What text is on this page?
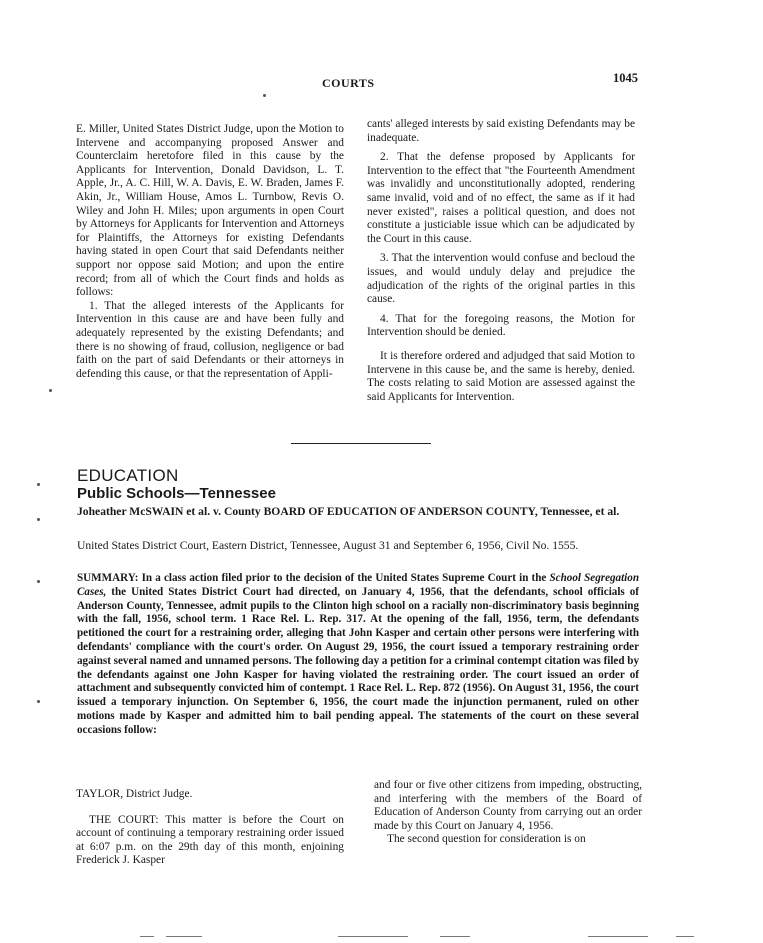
COURTS	1045

E. Miller, United States District Judge, upon the Motion to Intervene and accompanying proposed Answer and Counterclaim heretofore filed in this cause by the Applicants for Intervention, Donald Davidson, L. T. Apple, Jr., A. C. Hill, W. A. Davis, E. W. Braden, James F. Akin, Jr., William House, Amos L. Turnbow, Revis O. Wiley and John H. Miles; upon arguments in open Court by Attorneys for Applicants for Intervention and Attorneys for Plaintiffs, the Attorneys for existing Defendants having stated in open Court that said Defendants neither support nor oppose said Motion; and upon the entire record; from all of which the Court finds and holds as follows:

1. That the alleged interests of the Applicants for Intervention in this cause are and have been fully and adequately represented by the existing Defendants; and there is no showing of fraud, collusion, negligence or bad faith on the part of said Defendants or their attorneys in defending this cause, or that the representation of Appli-

cants' alleged interests by said existing Defendants may be inadequate.

2. That the defense proposed by Applicants for Intervention to the effect that "the Fourteenth Amendment was invalidly and unconstitutionally adopted, rendering same invalid, void and of no effect, the same as if it had never existed", raises a political question, and does not constitute a justiciable issue which can be adjudicated by the Court in this cause.

3. That the intervention would confuse and becloud the issues, and would unduly delay and prejudice the adjudication of the rights of the original parties in this cause.

4. That for the foregoing reasons, the Motion for Intervention should be denied.

It is therefore ordered and adjudged that said Motion to Intervene in this cause be, and the same is hereby, denied. The costs relating to said Motion are assessed against the said Applicants for Intervention.

EDUCATION
Public Schools—Tennessee

Joheather McSWAIN et al. v. County BOARD OF EDUCATION OF ANDERSON COUNTY, Tennessee, et al.

United States District Court, Eastern District, Tennessee, August 31 and September 6, 1956, Civil No. 1555.

SUMMARY: In a class action filed prior to the decision of the United States Supreme Court in the School Segregation Cases, the United States District Court had directed, on January 4, 1956, that the defendants, school officials of Anderson County, Tennessee, admit pupils to the Clinton high school on a racially non-discriminatory basis beginning with the fall, 1956, school term. 1 Race Rel. L. Rep. 317. At the opening of the fall, 1956, term, the defendants petitioned the court for a restraining order, alleging that John Kasper and certain other persons were interfering with defendants' compliance with the court's order. On August 29, 1956, the court issued a temporary restraining order against several named and unnamed persons. The following day a petition for a criminal contempt citation was filed by the defendants against one John Kasper for having violated the restraining order. The court issued an order of attachment and subsequently convicted him of contempt. 1 Race Rel. L. Rep. 872 (1956). On August 31, 1956, the court issued a temporary injunction. On September 6, 1956, the court made the injunction permanent, ruled on other motions made by Kasper and admitted him to bail pending appeal. The statements of the court on these several occasions follow:

TAYLOR, District Judge.

THE COURT: This matter is before the Court on account of continuing a temporary restraining order issued at 6:07 p.m. on the 29th day of this month, enjoining Frederick J. Kasper

and four or five other citizens from impeding, obstructing, and interfering with the members of the Board of Education of Anderson County from carrying out an order made by this Court on January 4, 1956.

The second question for consideration is on
